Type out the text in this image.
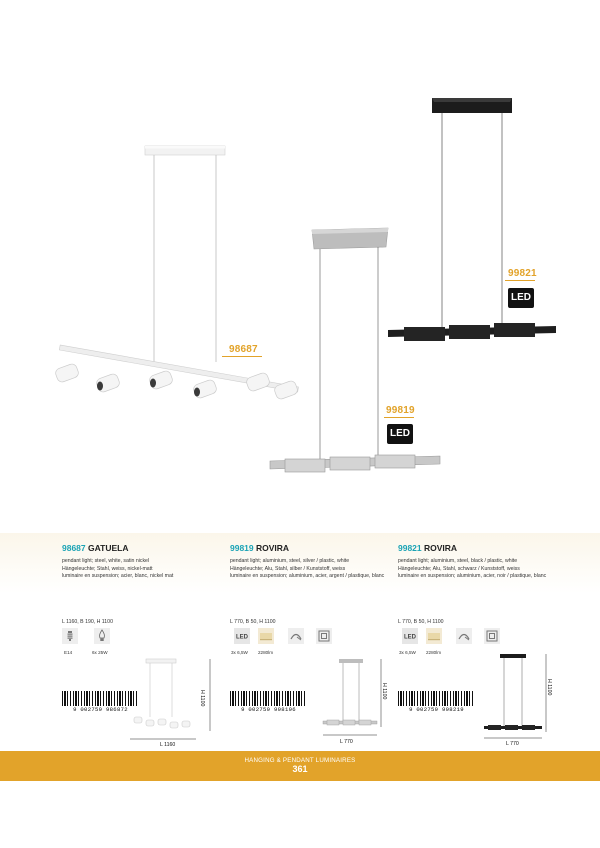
98687
99819
LED
99821
LED
98687 GATUELA
pendant light; steel, white, satin nickel
Hängeleuchte; Stahl, weiss, nickel-matt
luminaire en suspension; acier, blanc, nickel mat
L 1160, B 190, H 1100
E14	6x 25W
99819 ROVIRA
pendant light; aluminium, steel, silver / plastic, white
Hängeleuchte; Alu, Stahl, silber / Kunststoff, weiss
luminaire en suspension; aluminium, acier, argent / plastique, blanc
L 770, B 50, H 1100
LED
3x 6,5W 2280lm
99821 ROVIRA
pendant light; aluminium, steel, black / plastic, white
Hängeleuchte; Alu, Stahl, schwarz / Kunststoff, weiss
luminaire en suspension; aluminium, acier, noir / plastique, blanc
L 770, B 50, H 1100
LED
3x 6,5W 2280lm
H 1100
L 1160
9 002759 986872
H 1100
L 770
9 002759 998196
H 1100
L 770
9 002759 998219
HANGING & PENDANT LUMINAIRES
361
